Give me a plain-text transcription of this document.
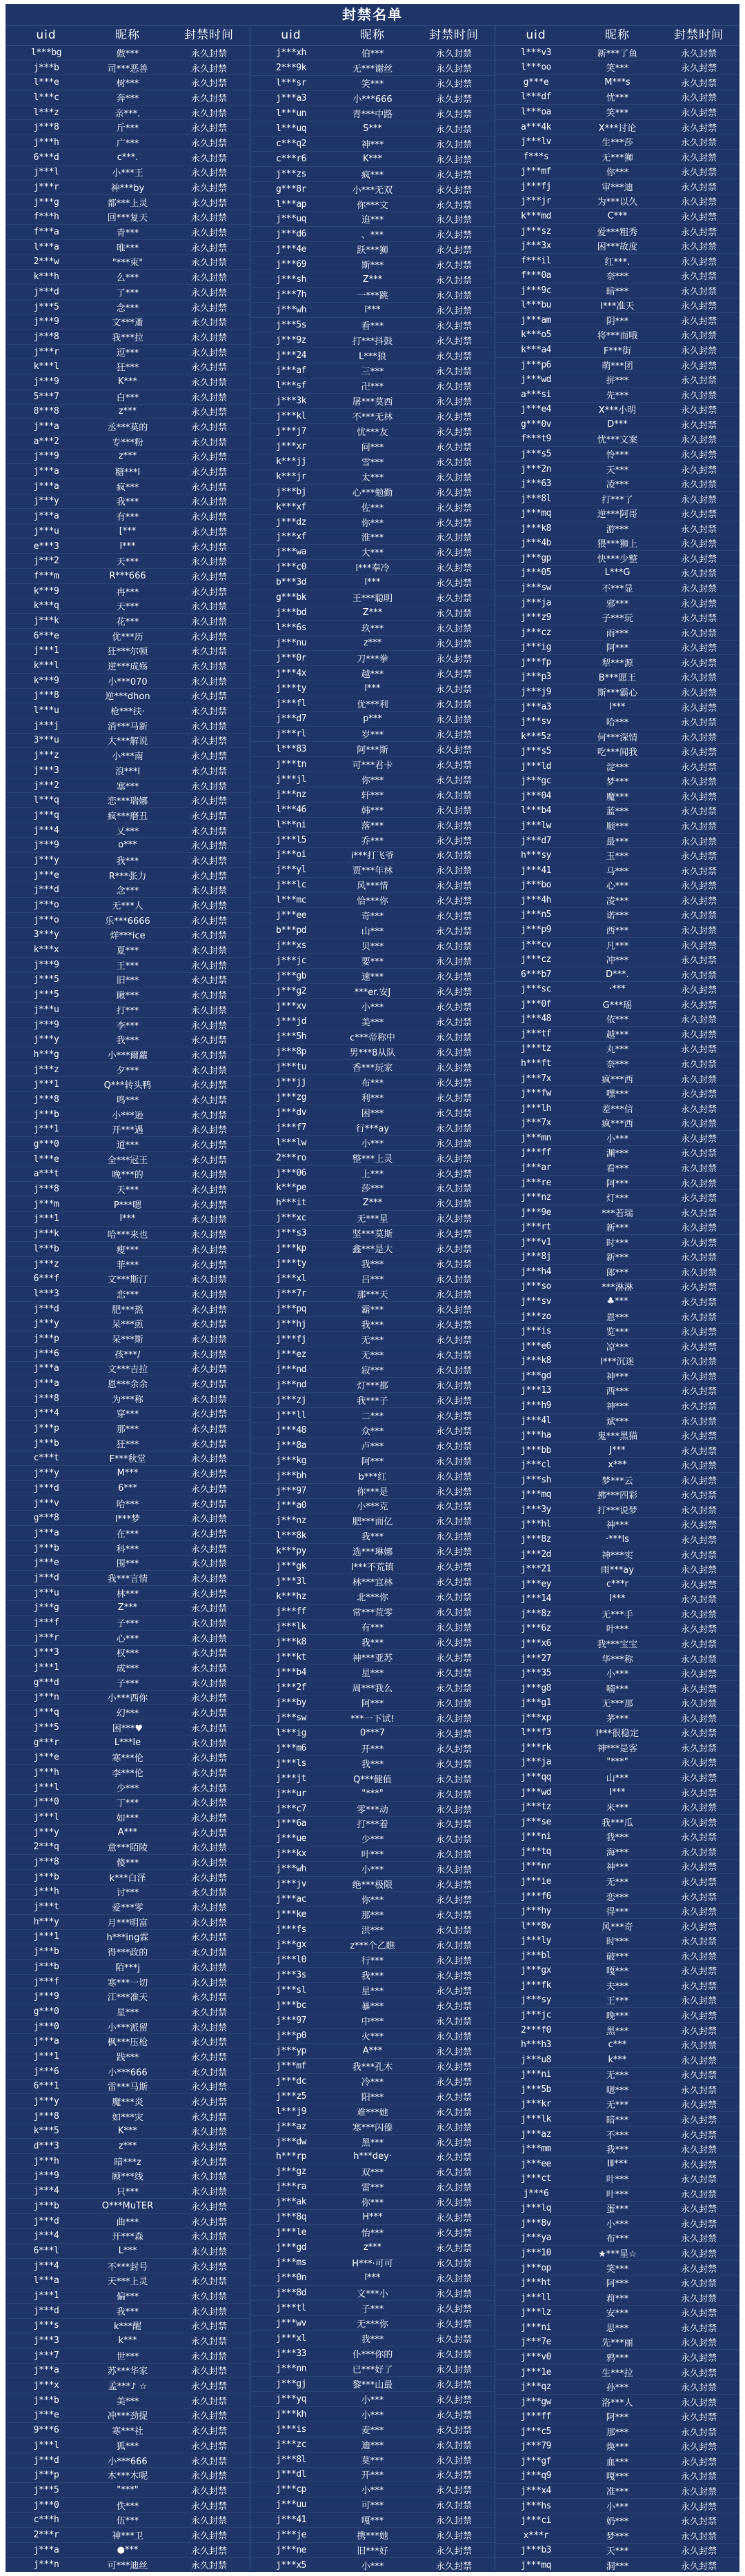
封禁名单
uid	昵称	封禁时间
l***bg	傲***	永久封禁
j***b	司***恶善	永久封禁
l***e	树***	永久封禁
l***c	奔***	永久封禁
l***z	亲***.	永久封禁
j***8	斤***	永久封禁
j***h	广***	永久封禁
6***d	c***.	永久封禁
j***l	小***王	永久封禁
j***r	神***by	永久封禁
j***g	都***上灵	永久封禁
f***h	回***复天	永久封禁
f***a	青***	永久封禁
l***a	唯***	永久封禁
2***w	"***束"	永久封禁
k***h	么***	永久封禁
j***d	了***	永久封禁
j***5	念***	永久封禁
j***9	文***齑	永久封禁
j***8	我***拉	永久封禁
j***r	逗***	永久封禁
k***l	狂***	永久封禁
j***9	K***	永久封禁
5***7	白***	永久封禁
8***8	z***	永久封禁
j***a	丞***莫的	永久封禁
a***2	专***粉	永久封禁
j***9	z***	永久封禁
j***a	糖***l	永久封禁
j***a	疯***	永久封禁
j***y	我***	永久封禁
j***a	有***	永久封禁
j***u	[***	永久封禁
e***3	l***	永久封禁
j***2	天***	永久封禁
f***m	R***666	永久封禁
k***9	冉***	永久封禁
k***q	天***	永久封禁
j***k	花***	永久封禁
6***e	优***历	永久封禁
j***1	狂***尔顿	永久封禁
k***l	逆***成殇	永久封禁
k***9	小***070	永久封禁
j***8	逆***dhon	永久封禁
l***u	枪***扶·	永久封禁
j***j	消***马新	永久封禁
3***u	大***解说	永久封禁
j***z	小***南	永久封禁
j***3	浪***l	永久封禁
j***2	塞***	永久封禁
l***q	恋***瑞娜	永久封禁
j***q	疯***磨丑	永久封禁
j***4	乂***	永久封禁
j***9	o***	永久封禁
j***y	我***	永久封禁
j***e	R***张力	永久封禁
j***d	念***	永久封禁
j***o	无***人	永久封禁
j***o	乐***6666	永久封禁
3***y	烊***ice	永久封禁
k***x	夏***	永久封禁
j***9	王***	永久封禁
j***5	旧***	永久封禁
j***5	瞅***	永久封禁
j***u	打***	永久封禁
j***9	李***	永久封禁
j***y	我***	永久封禁
h***g	小***爾蘿	永久封禁
j***z	夕***	永久封禁
j***1	Q***转头鸭	永久封禁
j***8	鸣***	永久封禁
j***b	小***逊	永久封禁
j***1	开***遇	永久封禁
g***0	道***	永久封禁
l***e	全***冠王	永久封禁
a***t	晚***的	永久封禁
j***8	天***	永久封禁
j***m	P***嗯	永久封禁
j***1	l***	永久封禁
j***k	哈***来也	永久封禁
l***b	瘦***	永久封禁
j***z	菲***	永久封禁
6***f	文***斯汀	永久封禁
l***3	恋***	永久封禁
j***d	肥***熬	永久封禁
j***y	呆***煎	永久封禁
j***p	呆***斯	永久封禁
j***6	孩***/	永久封禁
j***a	文***吉拉	永久封禁
j***a	恩***余余	永久封禁
j***8	为***称	永久封禁
j***4	穿***	永久封禁
j***p	那***	永久封禁
j***b	狂***	永久封禁
c***t	F***秋堂	永久封禁
j***y	M***	永久封禁
j***d	6***	永久封禁
j***v	哈***	永久封禁
g***8	l***梦	永久封禁
j***a	在***	永久封禁
j***b	科***	永久封禁
j***e	围***	永久封禁
j***d	我***言情	永久封禁
j***u	林***	永久封禁
j***g	Z***	永久封禁
j***f	子***	永久封禁
j***r	心***	永久封禁
j***3	权***	永久封禁
j***1	成***	永久封禁
g***d	子***	永久封禁
j***n	小***西你	永久封禁
j***q	幻***	永久封禁
j***5	困***♥	永久封禁
g***r	L***le	永久封禁
j***e	寒***伦	永久封禁
j***h	李***伦	永久封禁
j***l	少***	永久封禁
j***0	丁***	永久封禁
j***l	如***	永久封禁
j***y	A***	永久封禁
2***q	意***陌陵	永久封禁
j***8	傻***	永久封禁
j***b	k***白泽	永久封禁
j***h	讨***	永久封禁
j***t	爱***零	永久封禁
h***y	月***明富	永久封禁
j***1	h***ing霖	永久封禁
j***b	得***政的	永久封禁
j***b	陌***j	永久封禁
j***f	寒***一切	永久封禁
j***9	江***准天	永久封禁
g***0	星***	永久封禁
j***0	小***派留	永久封禁
j***a	枫***压枪	永久封禁
j***1	践***	永久封禁
j***6	小***666	永久封禁
6***1	雷***马斯	永久封禁
j***y	魔***炎	永久封禁
j***8	如***灾	永久封禁
k***5	K***	永久封禁
d***3	z***	永久封禁
j***h	暗***z	永久封禁
j***9	顾***线	永久封禁
j***4	只***	永久封禁
j***b	O***MuTER	永久封禁
j***d	曲***	永久封禁
j***4	开***森	永久封禁
6***l	L***	永久封禁
j***4	不***封号	永久封禁
l***a	天***上灵	永久封禁
j***1	偏***	永久封禁
j***d	我***	永久封禁
j***s	k***醒	永久封禁
j***3	k***	永久封禁
j***7	世***	永久封禁
j***a	苏***华家	永久封禁
j***x	孟***♪ ☆	永久封禁
j***b	美***	永久封禁
j***e	冲***劲捉	永久封禁
9***6	寒***社	永久封禁
j***l	狐***	永久封禁
j***d	小***666	永久封禁
j***p	木***木呢	永久封禁
j***5	"***"	永久封禁
j***0	佚***	永久封禁
c***h	伍***	永久封禁
2***r	神***卫	永久封禁
j***a	●***	永久封禁
j***n	可***迪丝	永久封禁
uid	昵称	封禁时间
j***xh	伯***	永久封禁
2***9k	无***谢丝	永久封禁
l***sr	笑***	永久封禁
j***a3	小***666	永久封禁
l***un	青***中路	永久封禁
l***uq	S***	永久封禁
c***q2	神***	永久封禁
c***r6	K***	永久封禁
j***zs	疯***	永久封禁
g***8r	小***无双	永久封禁
l***ap	你***文	永久封禁
j***uq	追***	永久封禁
j***d6	、***	永久封禁
j***4e	跃***狮	永久封禁
j***69	斯***	永久封禁
j***sh	Z***	永久封禁
j***7h	一***跳	永久封禁
j***wh	l***	永久封禁
j***5s	看***	永久封禁
j***9z	打***抖鼓	永久封禁
j***24	L***狼	永久封禁
j***af	三***	永久封禁
l***sf	卍***	永久封禁
j***3k	屠***莫西	永久封禁
j***kl	不***无林	永久封禁
j***j7	忧***友	永久封禁
j***xr	问***	永久封禁
k***jj	雪***	永久封禁
k***jr	太***	永久封禁
j***bj	心***勉勤	永久封禁
k***xf	佐***	永久封禁
j***dz	你***	永久封禁
j***xf	淮***	永久封禁
j***wa	大***	永久封禁
j***c0	l***奉冷	永久封禁
b***3d	l***	永久封禁
g***bk	王***聪明	永久封禁
j***bd	Z***	永久封禁
l***6s	玖***	永久封禁
j***nu	z***	永久封禁
j***0r	刀***拳	永久封禁
j***4x	越***	永久封禁
j***ty	l***	永久封禁
j***fl	优***利	永久封禁
j***d7	p***	永久封禁
j***rl	岁***	永久封禁
l***83	阿***斯	永久封禁
j***tn	可***君卡	永久封禁
j***jl	你***	永久封禁
j***nz	轩***	永久封禁
l***46	韩***	永久封禁
l***ni	落***	永久封禁
j***l5	乔***	永久封禁
j***oi	i***打飞爷	永久封禁
j***yl	贾***年林	永久封禁
j***lc	风***情	永久封禁
l***mc	恰***你	永久封禁
j***ee	奇***	永久封禁
b***pd	山***	永久封禁
j***xs	贝***	永久封禁
j***jc	要***	永久封禁
j***gb	速***	永久封禁
j***g2	***er.安J	永久封禁
j***xv	小***	永久封禁
j***jd	美***	永久封禁
j***5h	c***帝称中	永久封禁
j***8p	男***8从队	永久封禁
j***tu	香***玩家	永久封禁
j***jj	布***	永久封禁
j***zg	利***	永久封禁
j***dv	困***	永久封禁
j***f7	行***ay	永久封禁
l***lw	小***	永久封禁
2***ro	整***上灵	永久封禁
j***06	上***	永久封禁
k***pe	莎***	永久封禁
h***it	Z***	永久封禁
j***xc	无***星	永久封禁
j***s3	坚***莫斯	永久封禁
j***kp	鑫***是大	永久封禁
j***ty	我***	永久封禁
j***xl	吕***	永久封禁
j***7r	那***天	永久封禁
j***pq	霸***	永久封禁
j***hj	我***	永久封禁
j***fj	无***	永久封禁
j***ez	无***	永久封禁
j***nd	寂***	永久封禁
j***nd	灯***都	永久封禁
j***zj	我***子	永久封禁
j***ll	二***	永久封禁
j***48	众***	永久封禁
j***8a	卢***	永久封禁
j***kg	阿***	永久封禁
j***bh	b***红	永久封禁
j***97	你***是	永久封禁
j***a0	小***克	永久封禁
j***nz	肥***而亿	永久封禁
l***8k	我***	永久封禁
k***py	选***琳娜	永久封禁
j***gk	l***不荒镇	永久封禁
j***3l	林***宜林	永久封禁
k***hz	北***你	永久封禁
j***ff	常***荒零	永久封禁
j***lk	有***	永久封禁
j***k8	我***	永久封禁
j***kt	神***亚苏	永久封禁
j***b4	星***	永久封禁
j***2f	周***我么	永久封禁
j***by	阿***	永久封禁
j***sw	***一下试!	永久封禁
l***ig	0***7	永久封禁
j***m6	开***	永久封禁
j***ls	我***	永久封禁
j***jt	Q***健值	永久封禁
j***ur	"***"	永久封禁
j***c7	零***动	永久封禁
j***6a	打***着	永久封禁
j***ue	少***	永久封禁
j***kx	叶***	永久封禁
j***wh	小***	永久封禁
j***jv	绝***极限	永久封禁
j***ac	你***	永久封禁
j***ke	那***	永久封禁
j***fs	洪***	永久封禁
j***gx	z***个乙瞧	永久封禁
j***l0	行***	永久封禁
j***3s	我***	永久封禁
j***sl	星***	永久封禁
j***bc	暴***	永久封禁
j***97	中***	永久封禁
j***p0	火***	永久封禁
j***yp	A***	永久封禁
j***mf	我***孔木	永久封禁
j***dc	冷***	永久封禁
j***z5	阳***	永久封禁
l***j9	难***她	永久封禁
j***az	寒***闪傣	永久封禁
j***dw	黑***	永久封禁
h***rp	h***dey·	永久封禁
j***gz	双***	永久封禁
j***ra	雷***	永久封禁
j***ak	你***	永久封禁
j***8q	H***	永久封禁
j***le	怡***	永久封禁
j***gd	z***	永久封禁
j***ms	H***·可可	永久封禁
j***0n	l***	永久封禁
j***8d	文***小	永久封禁
j***tl	子***	永久封禁
j***wv	无***你	永久封禁
j***xl	我***	永久封禁
j***33	仆***你的	永久封禁
j***nn	已***好了	永久封禁
j***gj	黎***山最	永久封禁
j***yq	小***	永久封禁
j***kh	小***	永久封禁
j***is	麦***	永久封禁
j***zc	迪***	永久封禁
j***8l	莫***	永久封禁
j***dl	开***	永久封禁
j***cp	小***	永久封禁
j***uu	可***	永久封禁
j***41	嘎***	永久封禁
j***je	携***她	永久封禁
j***ne	旧***好	永久封禁
j***x5	小***	永久封禁
uid	昵称	封禁时间
l***v3	新***了鱼	永久封禁
l***oo	笑***	永久封禁
g***e	M***s	永久封禁
l***df	忧***	永久封禁
l***oa	笑***	永久封禁
a***4k	X***讨论	永久封禁
j***lv	生***莎	永久封禁
f***s	无***狮	永久封禁
j***mf	你***	永久封禁
j***fj	审***迪	永久封禁
j***jr	为***以久	永久封禁
k***md	C***	永久封禁
j***sz	爱***粗秀	永久封禁
j***3x	困***故度	永久封禁
f***il	红***.	永久封禁
f***0a	奈***	永久封禁
j***9c	暗***	永久封禁
l***bu	l***准天	永久封禁
j***am	阴***	永久封禁
k***o5	将***而哦	永久封禁
k***a4	F***街	永久封禁
j***p6	萌***团	永久封禁
j***wd	拼***	永久封禁
a***si	先***	永久封禁
j***e4	X***小明	永久封禁
g***0v	D***	永久封禁
f***t9	忧***文案	永久封禁
j***s5	怜***	永久封禁
j***2n	天***	永久封禁
j***63	凌***	永久封禁
j***8l	打***了	永久封禁
j***mq	逆***阿哥	永久封禁
j***k8	游***	永久封禁
j***4b	猥***狮上	永久封禁
j***gp	快***少整	永久封禁
j***05	L***G	永久封禁
j***sw	不***显	永久封禁
j***ja	邪***	永久封禁
j***z9	子***玩	永久封禁
j***cz	雨***	永久封禁
j***ig	阿***	永久封禁
j***fp	犁***源	永久封禁
j***p3	B***愿王	永久封禁
j***j9	斯***霸心	永久封禁
j***a3	l***	永久封禁
j***sv	哈***	永久封禁
k***5z	何***深情	永久封禁
j***s5	吃***闻我	永久封禁
j***ld	淀***	永久封禁
j***gc	梦***	永久封禁
j***04	魔***	永久封禁
l***b4	蓝***	永久封禁
j***lw	顺***	永久封禁
j***d7	最***	永久封禁
h***sy	玉***	永久封禁
j***41	马***	永久封禁
j***bo	心***	永久封禁
j***4h	凌***	永久封禁
j***n5	诺***	永久封禁
j***p9	西***	永久封禁
j***cv	凡***	永久封禁
j***cz	冲***	永久封禁
6***b7	D***.	永久封禁
j***sc	·***	永久封禁
j***0f	G***瑶	永久封禁
j***48	依***	永久封禁
j***tf	越***	永久封禁
j***tz	丸***	永久封禁
h***ft	奈***	永久封禁
j***7x	疯***西	永久封禁
j***fw	嘿***	永久封禁
j***lh	差***信	永久封禁
j***7x	疯***西	永久封禁
j***mn	小***	永久封禁
j***ff	渊***	永久封禁
j***ar	看***	永久封禁
j***re	阿***	永久封禁
j***nz	灯***	永久封禁
j***9e	***若瑞	永久封禁
j***rt	新***	永久封禁
j***v1	时***	永久封禁
j***8j	新***	永久封禁
j***h4	郎***	永久封禁
j***so	***淋淋	永久封禁
j***sv	♣***	永久封禁
j***zo	恩***	永久封禁
j***is	览***	永久封禁
j***e6	凉***	永久封禁
j***k8	l***沉迷	永久封禁
j***gd	神***	永久封禁
j***13	西***	永久封禁
j***h9	神***	永久封禁
j***4l	斌***	永久封禁
j***ha	鬼***黑猫	永久封禁
j***bb	J***	永久封禁
j***cl	x***	永久封禁
j***sh	梦***云	永久封禁
j***mq	拂***四彩	永久封禁
j***3y	打***说梦	永久封禁
j***hl	神***	永久封禁
j***8z	·***ls	永久封禁
j***2d	神***实	永久封禁
j***21	雨***ay	永久封禁
j***ey	c***r	永久封禁
j***14	l***	永久封禁
j***8z	无***手	永久封禁
j***6z	叶***	永久封禁
j***x6	我***宝宝	永久封禁
j***27	华***称	永久封禁
j***35	小***	永久封禁
j***g8	喃***	永久封禁
j***g1	无***那	永久封禁
j***xp	茅***	永久封禁
l***f3	l***很稳定	永久封禁
j***rk	神***是客	永久封禁
j***ja	"***"	永久封禁
j***qq	山***	永久封禁
j***wd	l***	永久封禁
j***tz	米***	永久封禁
j***se	我***瓜	永久封禁
j***ni	我***	永久封禁
j***tq	海***	永久封禁
j***nr	神***	永久封禁
j***ie	无***	永久封禁
j***f6	恋***	永久封禁
j***hy	得***	永久封禁
l***8v	风***奇	永久封禁
j***ly	时***	永久封禁
j***bl	破***	永久封禁
j***gx	嘎***	永久封禁
j***fk	夫***	永久封禁
j***sy	王***	永久封禁
j***jc	晚***	永久封禁
2***f0	黑***	永久封禁
h***h3	c***	永久封禁
j***u8	k***	永久封禁
j***ni	无***	永久封禁
j***5b	嗯***	永久封禁
j***kr	无***	永久封禁
j***lk	暗***	永久封禁
j***az	不***	永久封禁
j***mm	我***	永久封禁
j***ee	ⅠⅡ***	永久封禁
j***ct	叶***	永久封禁
j***6	叶***	永久封禁
j***lq	蛋***	永久封禁
j***8v	小***	永久封禁
j***ya	布***	永久封禁
j***10	★***星☆	永久封禁
j***op	笑***	永久封禁
j***ht	阿***	永久封禁
j***ll	莉***	永久封禁
j***lz	安***	永久封禁
j***ni	思***	永久封禁
j***7e	先***丽	永久封禁
j***v0	鸦***	永久封禁
j***1e	生***拉	永久封禁
j***qz	孙***	永久封禁
j***gw	洛***人	永久封禁
j***ff	阿***	永久封禁
j***c5	那***	永久封禁
j***79	焕***	永久封禁
j***gf	血***	永久封禁
j***q9	嘎***	永久封禁
j***x4	准***	永久封禁
j***hs	小***	永久封禁
j***ci	奶***	永久封禁
x***r	梦***	永久封禁
j***b3	天***	永久封禁
j***mq	洞***	永久封禁
